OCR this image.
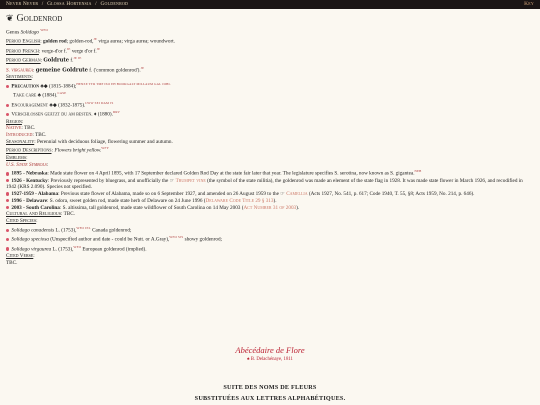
Never Never / Glossa Hortensia / Goldenrod	Key
❦ Goldenrod
Genus Solidago $^{WFO}$
Period English: golden rod; golden-rod,$^{JE}$ virga aurea; virga aurea; woundwort.
Period French: verge-d'or f.$^{JE}$ verge d'or f.$^{JE}$
Period German: Goldrute f.$^{JE JE}$
S. virgaurea: gemeine Goldrute f. ('common goldenrod').$^{JE}$
Sentiments:
Precaution ♣◆ (1815-1884);$^{HENZE TTR TMP ISO EH BOOKGALT MILLAUM GAL JOBL}$
Take care ♣ (1884).$^{CASE}$
Encouragement ♣◆ (1832-1875).$^{LWW SEI DAM JS}$
Verschlossen geätzt du am besten. ♦ (1880).$^{DRV}$
Region:
Native: TBC.
Introduced: TBC.
Seasonality: Perennial with deciduous foliage, flowering summer and autumn.
Period Descriptions: Flowers bright yellow.$^{WFY}$
Emblems:
U.S. State Symbols:
1895 - Nebraska: Made state flower on 4 April 1895, with 17 September declared Golden Rod Day at the state fair later that year. The legislature specifies S. serotina, now known as S. gigantea.$^{NEB}$
1926 - Kentucky: Previously represented by bluegrass, and unofficially the ☞ Trumpet vine (the symbol of the state militia), the goldenrod was made an element of the state flag in 1928. It was made state flower in March 1926, and recodified in 1942 (KRS 2.090). Species not specified.
1927-1959 - Alabama: Previous state flower of Alabama, made so on 6 September 1927, and amended on 26 August 1959 to the ☞ Camellia (Acts 1927, No. 541, p. 617; Code 1940, T. 55, §8; Acts 1959, No. 214, p. 646).
1996 - Delaware: S. odora, sweet golden rod, made state herb of Delaware on 24 June 1996 (Delaware Code Title 29 § 313).
2003 - South Carolina: S. altissima, tall goldenrod, made state wildflower of South Carolina on 14 May 2003 (Act Number 31 of 2003).
Cultural and Religious: TBC.
Cited Species:
Solidago canadensis L. (1753),$^{WFO JEL}$ Canada goldenrod;
Solidago speciosa (Unspecified author and date - could be Nutt. or A.Gray),$^{WFO SJS}$ showy goldenrod;
Solidago virgaurea L. (1753),$^{WFO}$ European goldenrod (implied).
Cited Verse:
TBC.
Abécédaire de Flore
♠ B. Delachénaye, 1811
SUITE DES NOMS DE FLEURS
SUBSTITUÉES AUX LETTRES ALPHABÉTIQUES.
